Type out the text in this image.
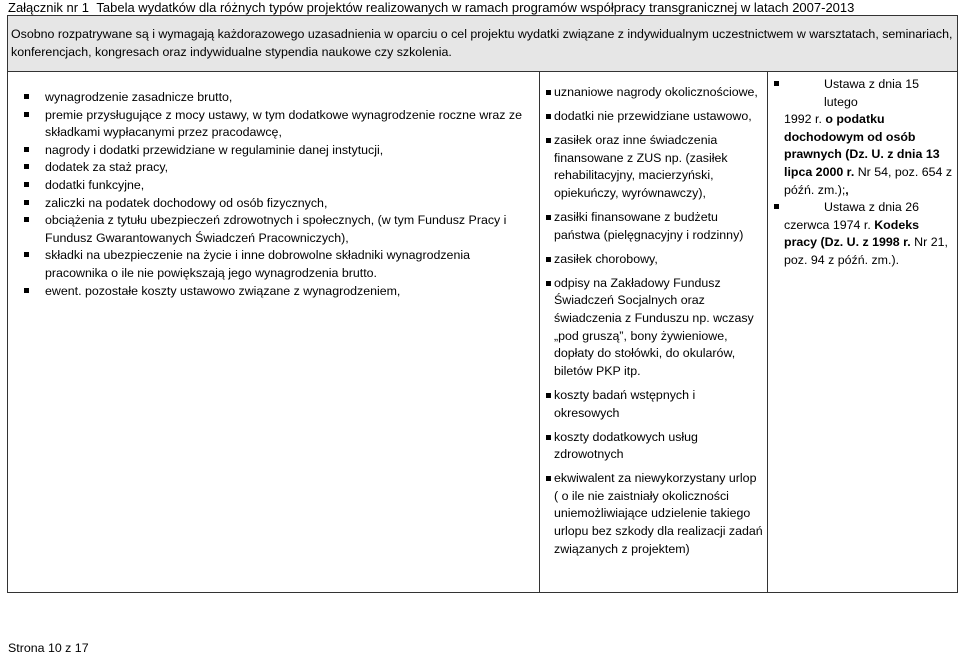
Załącznik nr 1 Tabela wydatków dla różnych typów projektów realizowanych w ramach programów współpracy transgranicznej w latach 2007-2013
Osobno rozpatrywane są i wymagają każdorazowego uzasadnienia w oparciu o cel projektu wydatki związane z indywidualnym uczestnictwem w warsztatach, seminariach, konferencjach, kongresach oraz indywidualne stypendia naukowe czy szkolenia.
wynagrodzenie zasadnicze brutto,
premie przysługujące z mocy ustawy, w tym dodatkowe wynagrodzenie roczne wraz ze składkami wypłacanymi przez pracodawcę,
nagrody i dodatki przewidziane w regulaminie danej instytucji,
dodatek za staż pracy,
dodatki funkcyjne,
zaliczki na podatek dochodowy od osób fizycznych,
obciążenia z tytułu ubezpieczeń zdrowotnych i społecznych, (w tym Fundusz Pracy i Fundusz Gwarantowanych Świadczeń Pracowniczych),
składki na ubezpieczenie na życie i inne dobrowolne składniki wynagrodzenia pracownika o ile nie powiększają jego wynagrodzenia brutto.
ewent. pozostałe koszty ustawowo związane z wynagrodzeniem,
uznaniowe nagrody okolicznościowe,
dodatki nie przewidziane ustawowo,
zasiłek oraz inne świadczenia finansowane z ZUS np. (zasiłek rehabilitacyjny, macierzyński, opiekuńczy, wyrównawczy),
zasiłki finansowane z budżetu państwa (pielęgnacyjny i rodzinny)
zasiłek chorobowy,
odpisy na Zakładowy Fundusz Świadczeń Socjalnych oraz świadczenia z Funduszu np. wczasy „pod gruszą”, bony żywieniowe, dopłaty do stołówki, do okularów, biletów PKP itp.
koszty badań wstępnych i okresowych
koszty dodatkowych usług zdrowotnych
ekwiwalent za niewykorzystany urlop ( o ile nie zaistniały okoliczności uniemożliwiające udzielenie takiego urlopu bez szkody dla realizacji zadań związanych z projektem)
Ustawa z dnia 15 lutego
1992 r. o podatku dochodowym od osób prawnych (Dz. U. z dnia 13 lipca 2000 r. Nr 54, poz. 654 z późń. zm.);,
Ustawa z dnia 26
czerwca 1974 r. Kodeks pracy (Dz. U. z 1998 r. Nr 21, poz. 94 z późń. zm.).
Strona 10 z 17
